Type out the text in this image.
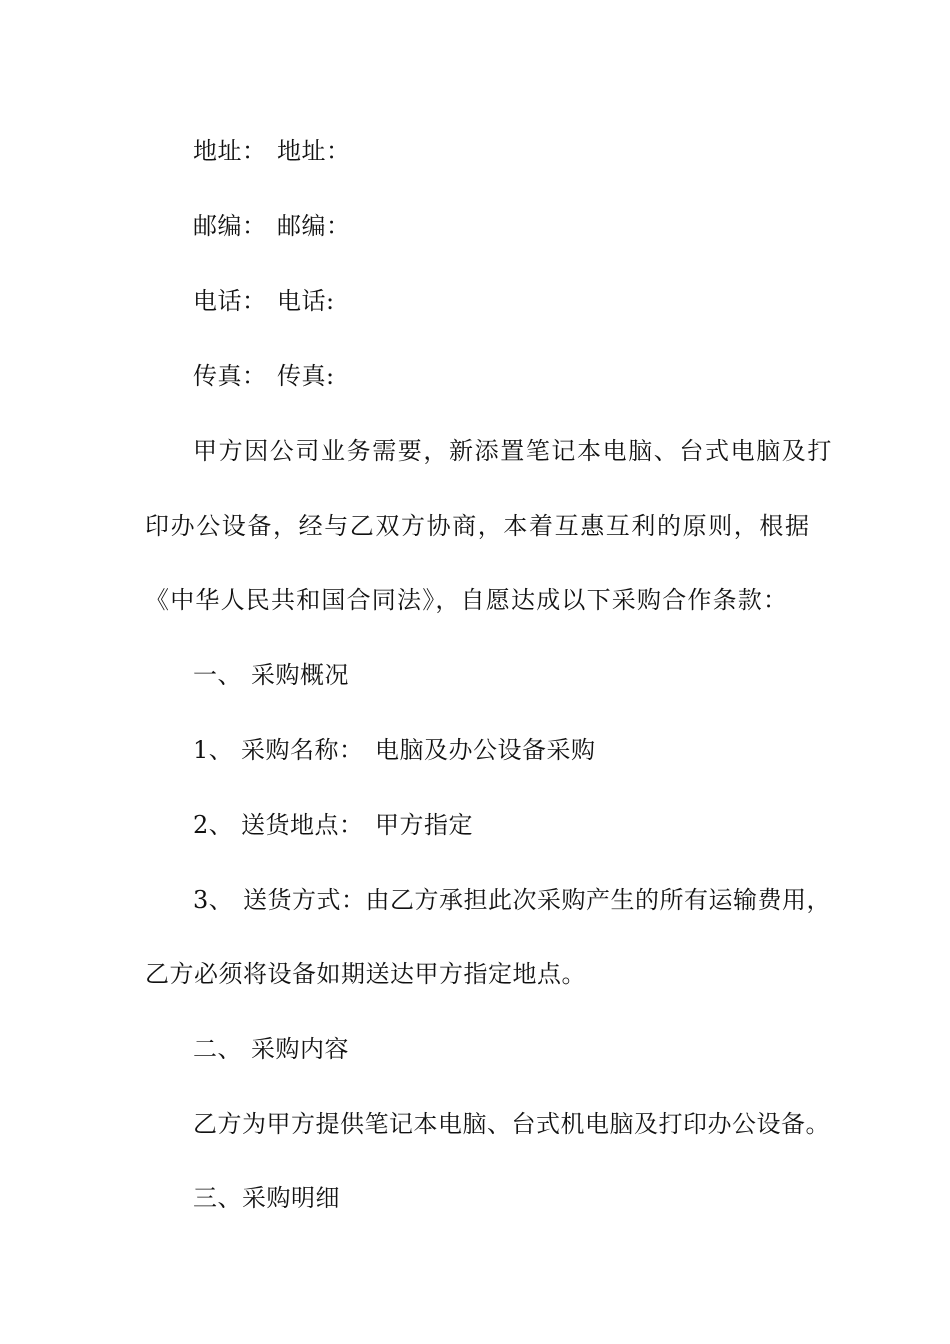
地址： 地址：
邮编： 邮编：
电话： 电话:
传真： 传真:
甲方因公司业务需要，新添置笔记本电脑、台式电脑及打
印办公设备，经与乙双方协商，本着互惠互利的原则，根据
《中华人民共和国合同法》，自愿达成以下采购合作条款：
一、 采购概况
1、 采购名称： 电脑及办公设备采购
2、 送货地点： 甲方指定
3、 送货方式：由乙方承担此次采购产生的所有运输费用，
乙方必须将设备如期送达甲方指定地点。
二、 采购内容
乙方为甲方提供笔记本电脑、台式机电脑及打印办公设备。
三、采购明细
